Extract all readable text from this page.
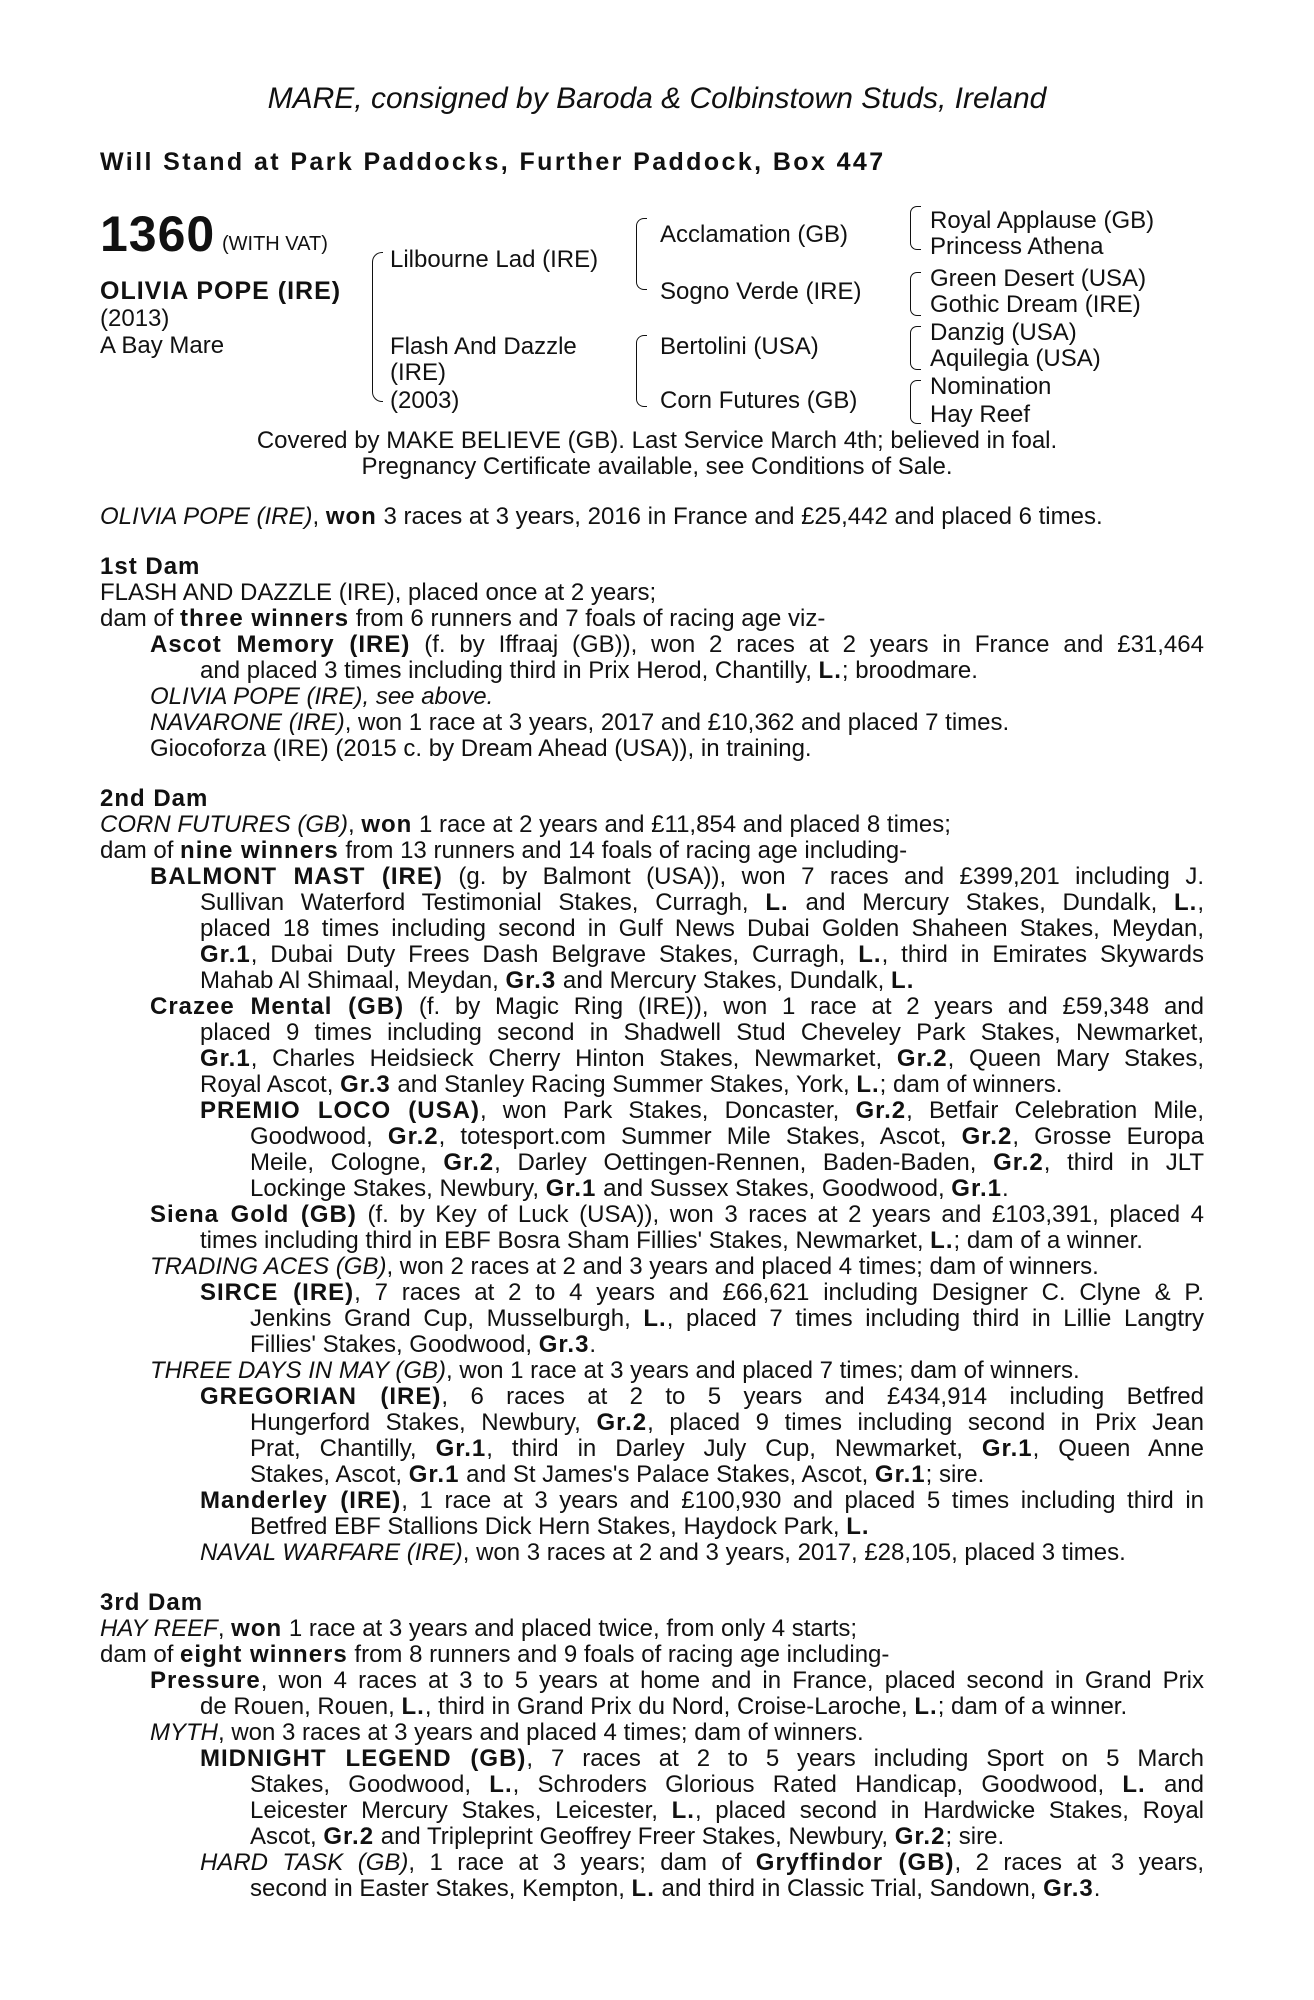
MARE, consigned by Baroda & Colbinstown Studs, Ireland
Will Stand at Park Paddocks, Further Paddock, Box 447
1360 (WITH VAT)
OLIVIA POPE (IRE)
(2013)
A Bay Mare
Lilbourne Lad (IRE)
Flash And Dazzle
(IRE)
(2003)
Acclamation (GB)
Sogno Verde (IRE)
Bertolini (USA)
Corn Futures (GB)
Royal Applause (GB)
Princess Athena
Green Desert (USA)
Gothic Dream (IRE)
Danzig (USA)
Aquilegia (USA)
Nomination
Hay Reef
Covered by MAKE BELIEVE (GB). Last Service March 4th; believed in foal.
Pregnancy Certificate available, see Conditions of Sale.
OLIVIA POPE (IRE), won 3 races at 3 years, 2016 in France and £25,442 and placed 6 times.
1st Dam
FLASH AND DAZZLE (IRE), placed once at 2 years;
dam of three winners from 6 runners and 7 foals of racing age viz-
Ascot Memory (IRE) (f. by Iffraaj (GB)), won 2 races at 2 years in France and £31,464
and placed 3 times including third in Prix Herod, Chantilly, L.; broodmare.
OLIVIA POPE (IRE), see above.
NAVARONE (IRE), won 1 race at 3 years, 2017 and £10,362 and placed 7 times.
Giocoforza (IRE) (2015 c. by Dream Ahead (USA)), in training.
2nd Dam
CORN FUTURES (GB), won 1 race at 2 years and £11,854 and placed 8 times;
dam of nine winners from 13 runners and 14 foals of racing age including-
BALMONT MAST (IRE) (g. by Balmont (USA)), won 7 races and £399,201 including J.
Sullivan Waterford Testimonial Stakes, Curragh, L. and Mercury Stakes, Dundalk, L.,
placed 18 times including second in Gulf News Dubai Golden Shaheen Stakes, Meydan,
Gr.1, Dubai Duty Frees Dash Belgrave Stakes, Curragh, L., third in Emirates Skywards
Mahab Al Shimaal, Meydan, Gr.3 and Mercury Stakes, Dundalk, L.
Crazee Mental (GB) (f. by Magic Ring (IRE)), won 1 race at 2 years and £59,348 and
placed 9 times including second in Shadwell Stud Cheveley Park Stakes, Newmarket,
Gr.1, Charles Heidsieck Cherry Hinton Stakes, Newmarket, Gr.2, Queen Mary Stakes,
Royal Ascot, Gr.3 and Stanley Racing Summer Stakes, York, L.; dam of winners.
PREMIO LOCO (USA), won Park Stakes, Doncaster, Gr.2, Betfair Celebration Mile,
Goodwood, Gr.2, totesport.com Summer Mile Stakes, Ascot, Gr.2, Grosse Europa
Meile, Cologne, Gr.2, Darley Oettingen-Rennen, Baden-Baden, Gr.2, third in JLT
Lockinge Stakes, Newbury, Gr.1 and Sussex Stakes, Goodwood, Gr.1.
Siena Gold (GB) (f. by Key of Luck (USA)), won 3 races at 2 years and £103,391, placed 4
times including third in EBF Bosra Sham Fillies' Stakes, Newmarket, L.; dam of a winner.
TRADING ACES (GB), won 2 races at 2 and 3 years and placed 4 times; dam of winners.
SIRCE (IRE), 7 races at 2 to 4 years and £66,621 including Designer C. Clyne & P.
Jenkins Grand Cup, Musselburgh, L., placed 7 times including third in Lillie Langtry
Fillies' Stakes, Goodwood, Gr.3.
THREE DAYS IN MAY (GB), won 1 race at 3 years and placed 7 times; dam of winners.
GREGORIAN (IRE), 6 races at 2 to 5 years and £434,914 including Betfred
Hungerford Stakes, Newbury, Gr.2, placed 9 times including second in Prix Jean
Prat, Chantilly, Gr.1, third in Darley July Cup, Newmarket, Gr.1, Queen Anne
Stakes, Ascot, Gr.1 and St James's Palace Stakes, Ascot, Gr.1; sire.
Manderley (IRE), 1 race at 3 years and £100,930 and placed 5 times including third in
Betfred EBF Stallions Dick Hern Stakes, Haydock Park, L.
NAVAL WARFARE (IRE), won 3 races at 2 and 3 years, 2017, £28,105, placed 3 times.
3rd Dam
HAY REEF, won 1 race at 3 years and placed twice, from only 4 starts;
dam of eight winners from 8 runners and 9 foals of racing age including-
Pressure, won 4 races at 3 to 5 years at home and in France, placed second in Grand Prix
de Rouen, Rouen, L., third in Grand Prix du Nord, Croise-Laroche, L.; dam of a winner.
MYTH, won 3 races at 3 years and placed 4 times; dam of winners.
MIDNIGHT LEGEND (GB), 7 races at 2 to 5 years including Sport on 5 March
Stakes, Goodwood, L., Schroders Glorious Rated Handicap, Goodwood, L. and
Leicester Mercury Stakes, Leicester, L., placed second in Hardwicke Stakes, Royal
Ascot, Gr.2 and Tripleprint Geoffrey Freer Stakes, Newbury, Gr.2; sire.
HARD TASK (GB), 1 race at 3 years; dam of Gryffindor (GB), 2 races at 3 years,
second in Easter Stakes, Kempton, L. and third in Classic Trial, Sandown, Gr.3.
